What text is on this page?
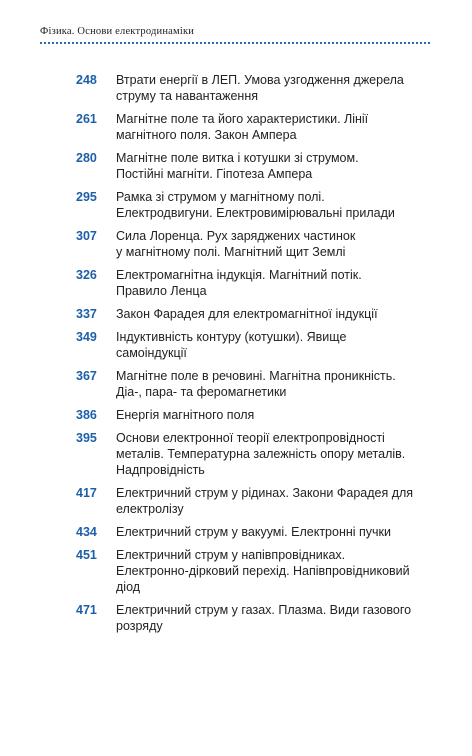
Фізика. Основи електродинаміки
248	Втрати енергії в ЛЕП. Умова узгодження джерела
струму та навантаження
261	Магнітне поле та його характеристики. Лінії
магнітного поля. Закон Ампера
280	Магнітне поле витка і котушки зі струмом.
Постійні магніти. Гіпотеза Ампера
295	Рамка зі струмом у магнітному полі.
Електродвигуни. Електровимірювальні прилади
307	Сила Лоренца. Рух заряджених частинок
у магнітному полі. Магнітний щит Землі
326	Електромагнітна індукція. Магнітний потік.
Правило Ленца
337	Закон Фарадея для електромагнітної індукції
349	Індуктивність контуру (котушки). Явище
самоіндукції
367	Магнітне поле в речовині. Магнітна проникність.
Діа-, пара- та феромагнетики
386	Енергія магнітного поля
395	Основи електронної теорії електропровідності
металів. Температурна залежність опору металів.
Надпровідність
417	Електричний струм у рідинах. Закони Фарадея для
електролізу
434	Електричний струм у вакуумі. Електронні пучки
451	Електричний струм у напівпровідниках.
Електронно-дірковий перехід. Напівпровідниковий
діод
471	Електричний струм у газах. Плазма. Види газового
розряду
